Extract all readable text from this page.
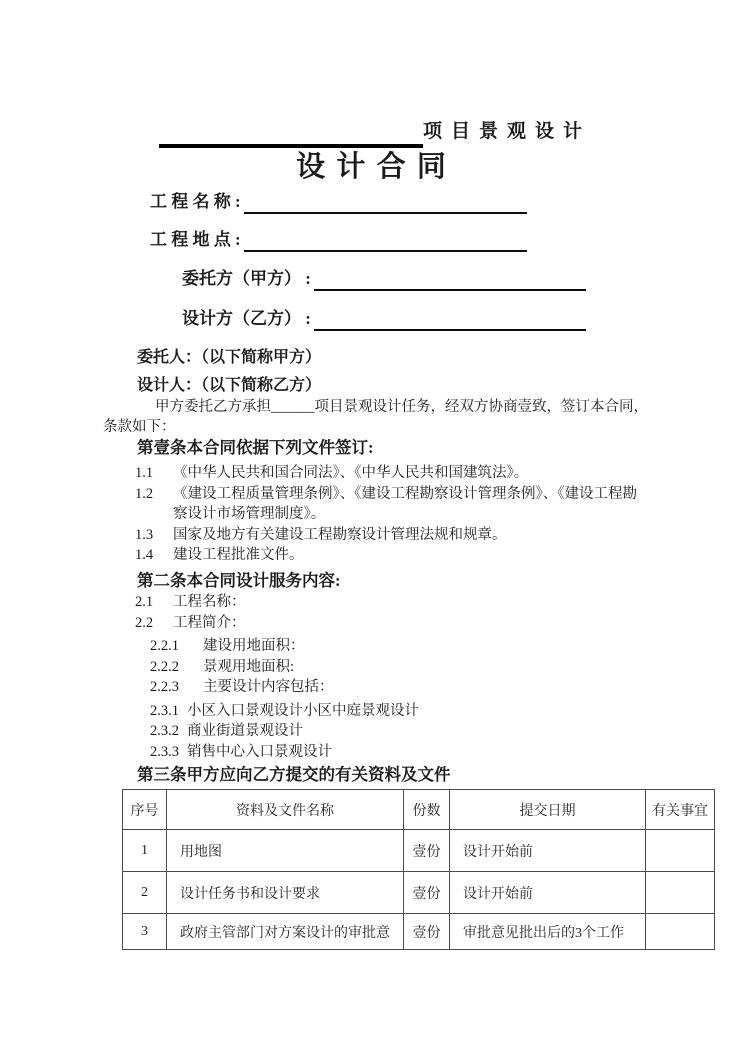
项目景观设计
设 计 合 同
工 程 名 称 :
工 程 地 点 :
委托方（甲方） :
设计方（乙方） :
委托人：（以下简称甲方）
设计人：（以下简称乙方）
甲方委托乙方承担______项目景观设计任务，经双方协商壹致，签订本合同，
条款如下：
第壹条本合同依据下列文件签订:
1.1	《中华人民共和国合同法》、《中华人民共和国建筑法》。
1.2	《建设工程质量管理条例》、《建设工程勘察设计管理条例》、《建设工程勘察设计市场管理制度》。
1.3	国家及地方有关建设工程勘察设计管理法规和规章。
1.4	建设工程批准文件。
第二条本合同设计服务内容:
2.1	工程名称：
2.2	工程简介：
2.2.1	建设用地面积：
2.2.2	景观用地面积:
2.2.3	主要设计内容包括：
2.3.1 小区入口景观设计小区中庭景观设计
2.3.2 商业街道景观设计
2.3.3 销售中心入口景观设计
第三条甲方应向乙方提交的有关资料及文件
序号	资料及文件名称	份数	提交日期	有关事宜
1	用地图	壹份	设计开始前	
2	设计任务书和设计要求	壹份	设计开始前	
3	政府主管部门对方案设计的审批意	壹份	审批意见批出后的3个工作	
